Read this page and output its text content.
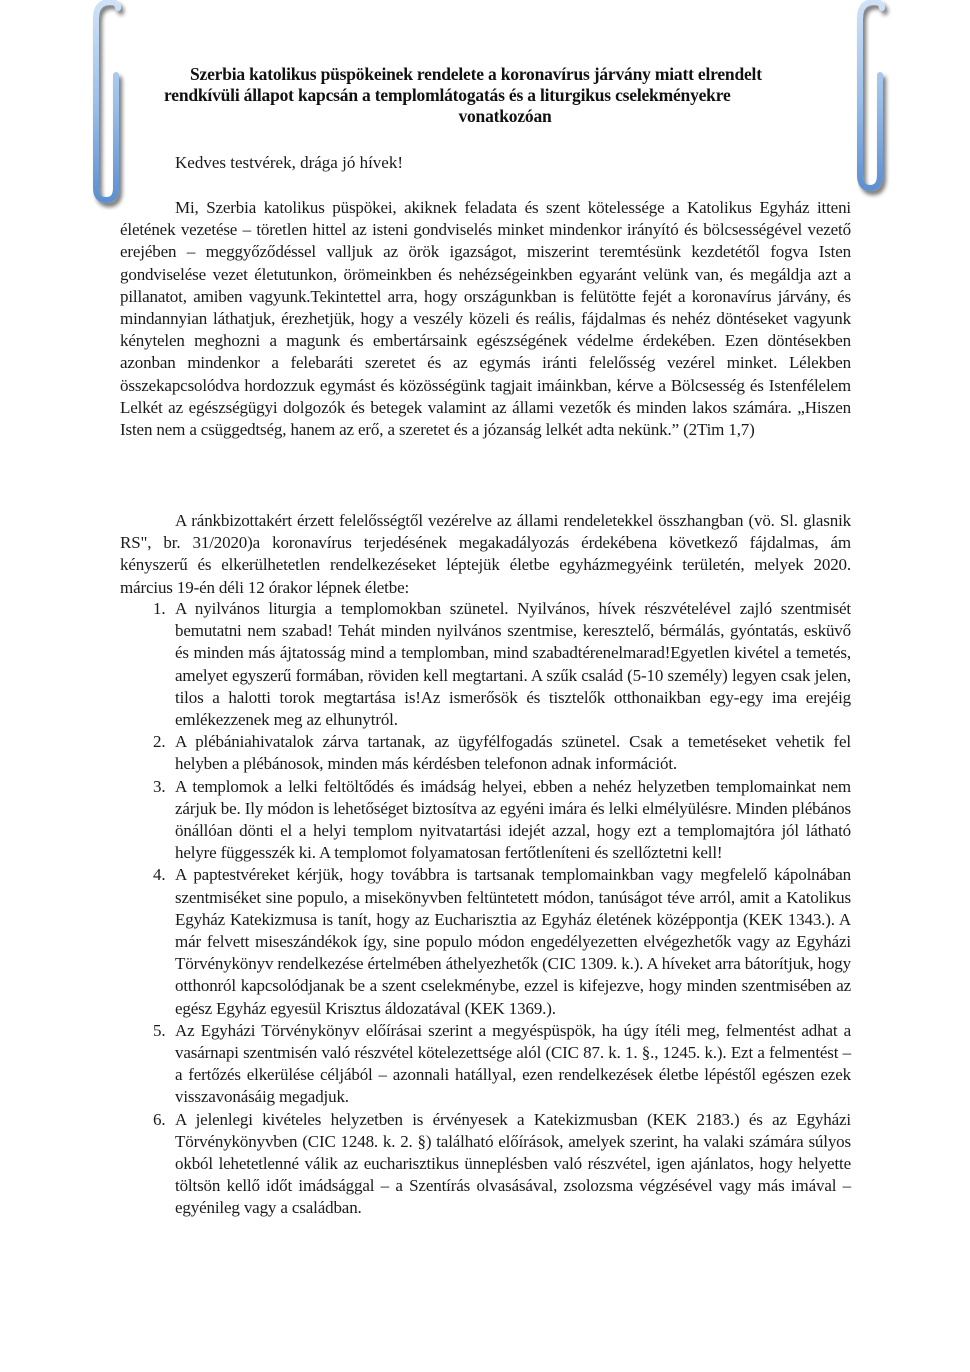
Szerbia katolikus püspökeinek rendelete a koronavírus járvány miatt elrendelt
rendkívüli állapot kapcsán a templomlátogatás és a liturgikus cselekményekre
vonatkozóan
Kedves testvérek, drága jó hívek!

Mi, Szerbia katolikus püspökei, akiknek feladata és szent kötelessége a Katolikus Egyház itteni életének vezetése – töretlen hittel az isteni gondviselés minket mindenkor irányító és bölcsességével vezető erejében – meggyőződéssel valljuk az örök igazságot, miszerint teremtésünk kezdetétől fogva Isten gondviselése vezet életutunkon, örömeinkben és nehézségeinkben egyaránt velünk van, és megáldja azt a pillanatot, amiben vagyunk.Tekintettel arra, hogy országunkban is felütötte fejét a koronavírus járvány, és mindannyian láthatjuk, érezhetjük, hogy a veszély közeli és reális, fájdalmas és nehéz döntéseket vagyunk kénytelen meghozni a magunk és embertársaink egészségének védelme érdekében. Ezen döntésekben azonban mindenkor a felebaráti szeretet és az egymás iránti felelősség vezérel minket. Lélekben összekapcsolódva hordozzuk egymást és közösségünk tagjait imáinkban, kérve a Bölcsesség és Istenfélelem Lelkét az egészségügyi dolgozók és betegek valamint az állami vezetők és minden lakos számára. „Hiszen Isten nem a csüggedtség, hanem az erő, a szeretet és a józanság lelkét adta nekünk.” (2Tim 1,7)

A ránkbizottakért érzett felelősségtől vezérelve az állami rendeletekkel összhangban (vö. Sl. glasnik RS", br. 31/2020)a koronavírus terjedésének megakadályozás érdekébena következő fájdalmas, ám kényszerű és elkerülhetetlen rendelkezéseket léptejük életbe egyházmegyéink területén, melyek 2020. március 19-én déli 12 órakor lépnek életbe:

1. A nyilvános liturgia a templomokban szünetel. Nyilvános, hívek részvételével zajló szentmisét bemutatni nem szabad! Tehát minden nyilvános szentmise, keresztelő, bérmálás, gyóntatás, esküvő és minden más ájtatosság mind a templomban, mind szabadtérenelmarad!Egyetlen kivétel a temetés, amelyet egyszerű formában, röviden kell megtartani. A szűk család (5-10 személy) legyen csak jelen, tilos a halotti torok megtartása is!Az ismerősök és tisztelők otthonaikban egy-egy ima erejéig emlékezzenek meg az elhunytról.
2. A plébániahivatalok zárva tartanak, az ügyfélfogadás szünetel. Csak a temetéseket vehetik fel helyben a plébánosok, minden más kérdésben telefonon adnak információt.
3. A templomok a lelki feltöltődés és imádság helyei, ebben a nehéz helyzetben templomainkat nem zárjuk be. Ily módon is lehetőséget biztosítva az egyéni imára és lelki elmélyülésre. Minden plébános önállóan dönti el a helyi templom nyitvatartási idejét azzal, hogy ezt a templomajtóra jól látható helyre függesszék ki. A templomot folyamatosan fertőtleníteni és szellőztetni kell!
4. A paptestvéreket kérjük, hogy továbbra is tartsanak templomainkban vagy megfelelő kápolnában szentmiséket sine populo, a misekönyvben feltüntetett módon, tanúságot téve arról, amit a Katolikus Egyház Katekizmusa is tanít, hogy az Eucharisztia az Egyház életének középpontja (KEK 1343.). A már felvett miseszándékok így, sine populo módon engedélyezetten elvégezhetők vagy az Egyházi Törvénykönyv rendelkezése értelmében áthelyezhetők (CIC 1309. k.). A híveket arra bátorítjuk, hogy otthonról kapcsolódjanak be a szent cselekménybe, ezzel is kifejezve, hogy minden szentmisében az egész Egyház egyesül Krisztus áldozatával (KEK 1369.).
5. Az Egyházi Törvénykönyv előírásai szerint a megyéspüspök, ha úgy ítéli meg, felmentést adhat a vasárnapi szentmisén való részvétel kötelezettsége alól (CIC 87. k. 1. §., 1245. k.). Ezt a felmentést – a fertőzés elkerülése céljából – azonnali hatállyal, ezen rendelkezések életbe lépéstől egészen ezek visszavonásáig megadjuk.
6. A jelenlegi kivételes helyzetben is érvényesek a Katekizmusban (KEK 2183.) és az Egyházi Törvénykönyvben (CIC 1248. k. 2. §) található előírások, amelyek szerint, ha valaki számára súlyos okból lehetetlenné válik az eucharisztikus ünneplésben való részvétel, igen ajánlatos, hogy helyette töltsön kellő időt imádsággal – a Szentírás olvasásával, zsolozsma végzésével vagy más imával – egyénileg vagy a családban.
